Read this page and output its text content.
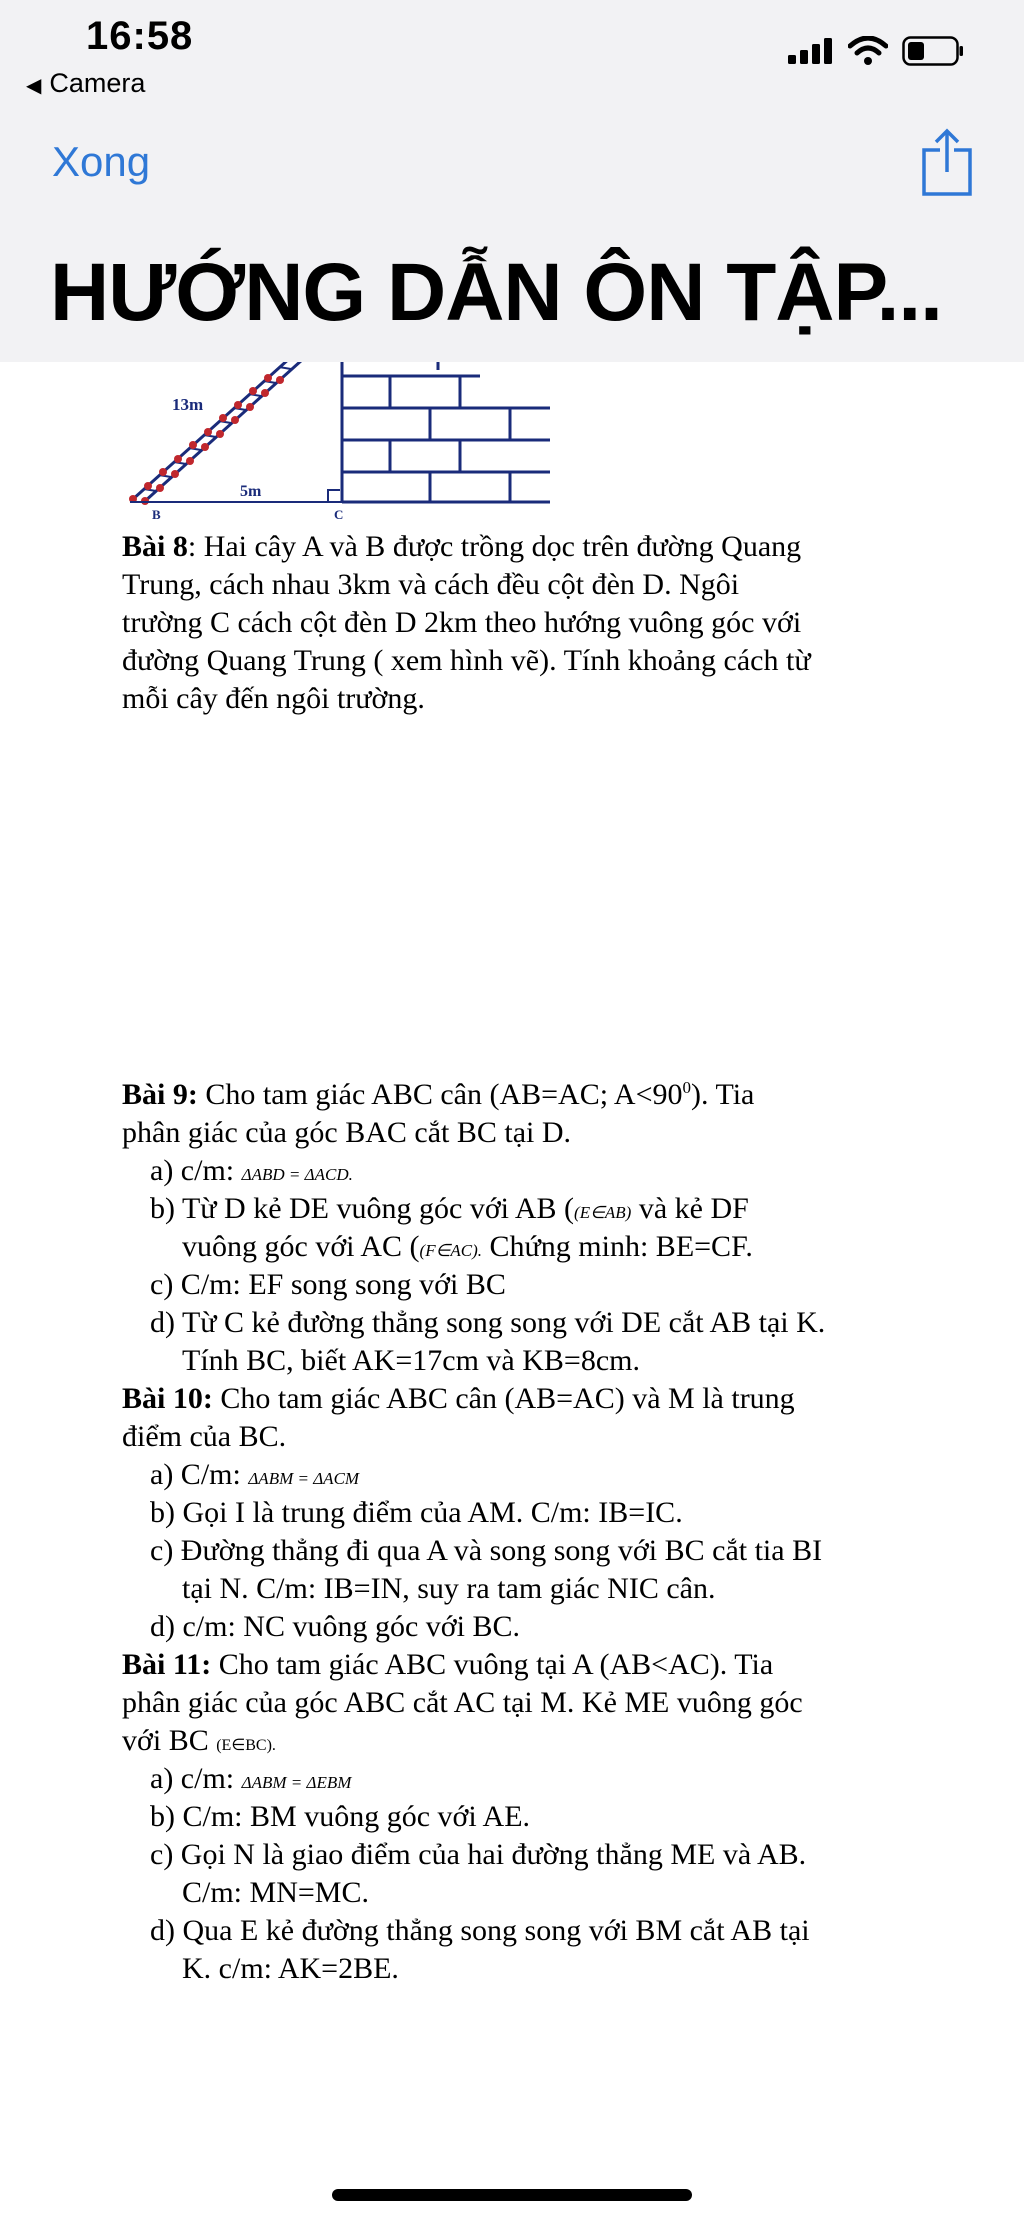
16:58
◀ Camera
Xong
HƯỚNG DẪN ÔN TẬP...
13m
5m
B	C
Bài 8: Hai cây A và B được trồng dọc trên đường Quang
Trung, cách nhau 3km và cách đều cột đèn D. Ngôi
trường C cách cột đèn D 2km theo hướng vuông góc với
đường Quang Trung ( xem hình vẽ). Tính khoảng cách từ
mỗi cây đến ngôi trường.
Bài 9: Cho tam giác ABC cân (AB=AC; $A<90^0$). Tia
phân giác của góc BAC cắt BC tại D.
a) c/m: ΔABD = ΔACD.
b) Từ D kẻ DE vuông góc với AB ((E∈AB) và kẻ DF
vuông góc với AC ((F∈AC). Chứng minh: BE=CF.
c) C/m: EF song song với BC
d) Từ C kẻ đường thẳng song song với DE cắt AB tại K.
Tính BC, biết AK=17cm và KB=8cm.
Bài 10: Cho tam giác ABC cân (AB=AC) và M là trung
điểm của BC.
a) C/m: ΔABM = ΔACM
b) Gọi I là trung điểm của AM. C/m: IB=IC.
c) Đường thẳng đi qua A và song song với BC cắt tia BI
tại N. C/m: IB=IN, suy ra tam giác NIC cân.
d) c/m: NC vuông góc với BC.
Bài 11: Cho tam giác ABC vuông tại A (AB<AC). Tia
phân giác của góc ABC cắt AC tại M. Kẻ ME vuông góc
với BC (E∈BC).
a) c/m: ΔABM = ΔEBM
b) C/m: BM vuông góc với AE.
c) Gọi N là giao điểm của hai đường thẳng ME và AB.
C/m: MN=MC.
d) Qua E kẻ đường thẳng song song với BM cắt AB tại
K. c/m: AK=2BE.
